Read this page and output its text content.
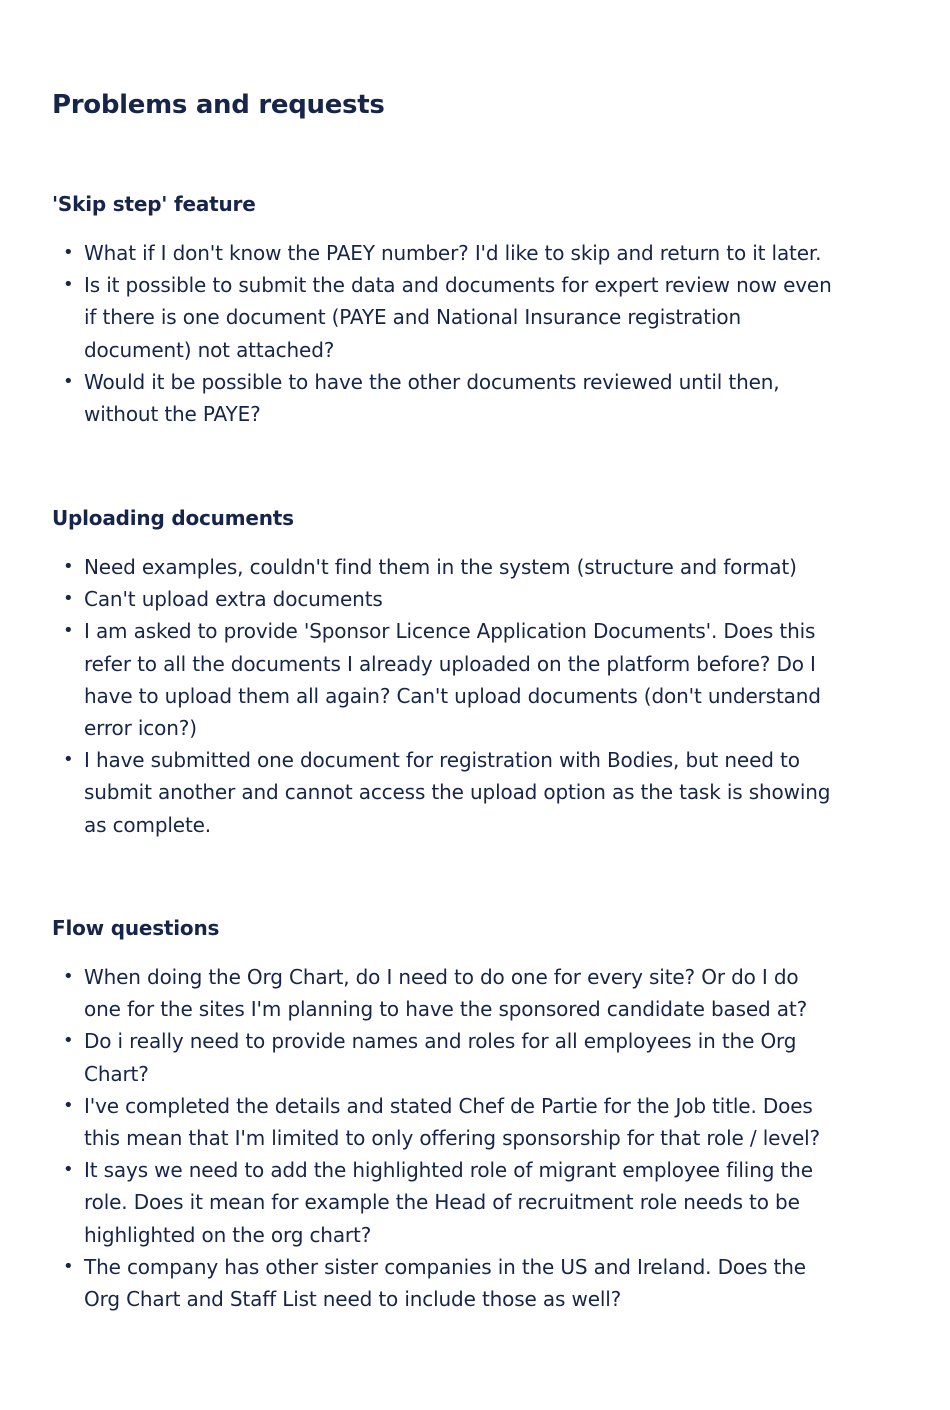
Problems and requests
'Skip step' feature
• What if I don't know the PAEY number? I'd like to skip and return to it later.
• Is it possible to submit the data and documents for expert review now even if there is one document (PAYE and National Insurance registration document) not attached?
• Would it be possible to have the other documents reviewed until then, without the PAYE?
Uploading documents
• Need examples, couldn't find them in the system (structure and format)
• Can't upload extra documents
• I am asked to provide 'Sponsor Licence Application Documents'. Does this refer to all the documents I already uploaded on the platform before? Do I have to upload them all again? Can't upload documents (don't understand error icon?)
• I have submitted one document for registration with Bodies, but need to submit another and cannot access the upload option as the task is showing as complete.
Flow questions
• When doing the Org Chart, do I need to do one for every site? Or do I do one for the sites I'm planning to have the sponsored candidate based at?
• Do i really need to provide names and roles for all employees in the Org Chart?
• I've completed the details and stated Chef de Partie for the Job title. Does this mean that I'm limited to only offering sponsorship for that role / level?
• It says we need to add the highlighted role of migrant employee filing the role. Does it mean for example the Head of recruitment role needs to be highlighted on the org chart?
• The company has other sister companies in the US and Ireland. Does the Org Chart and Staff List need to include those as well?
